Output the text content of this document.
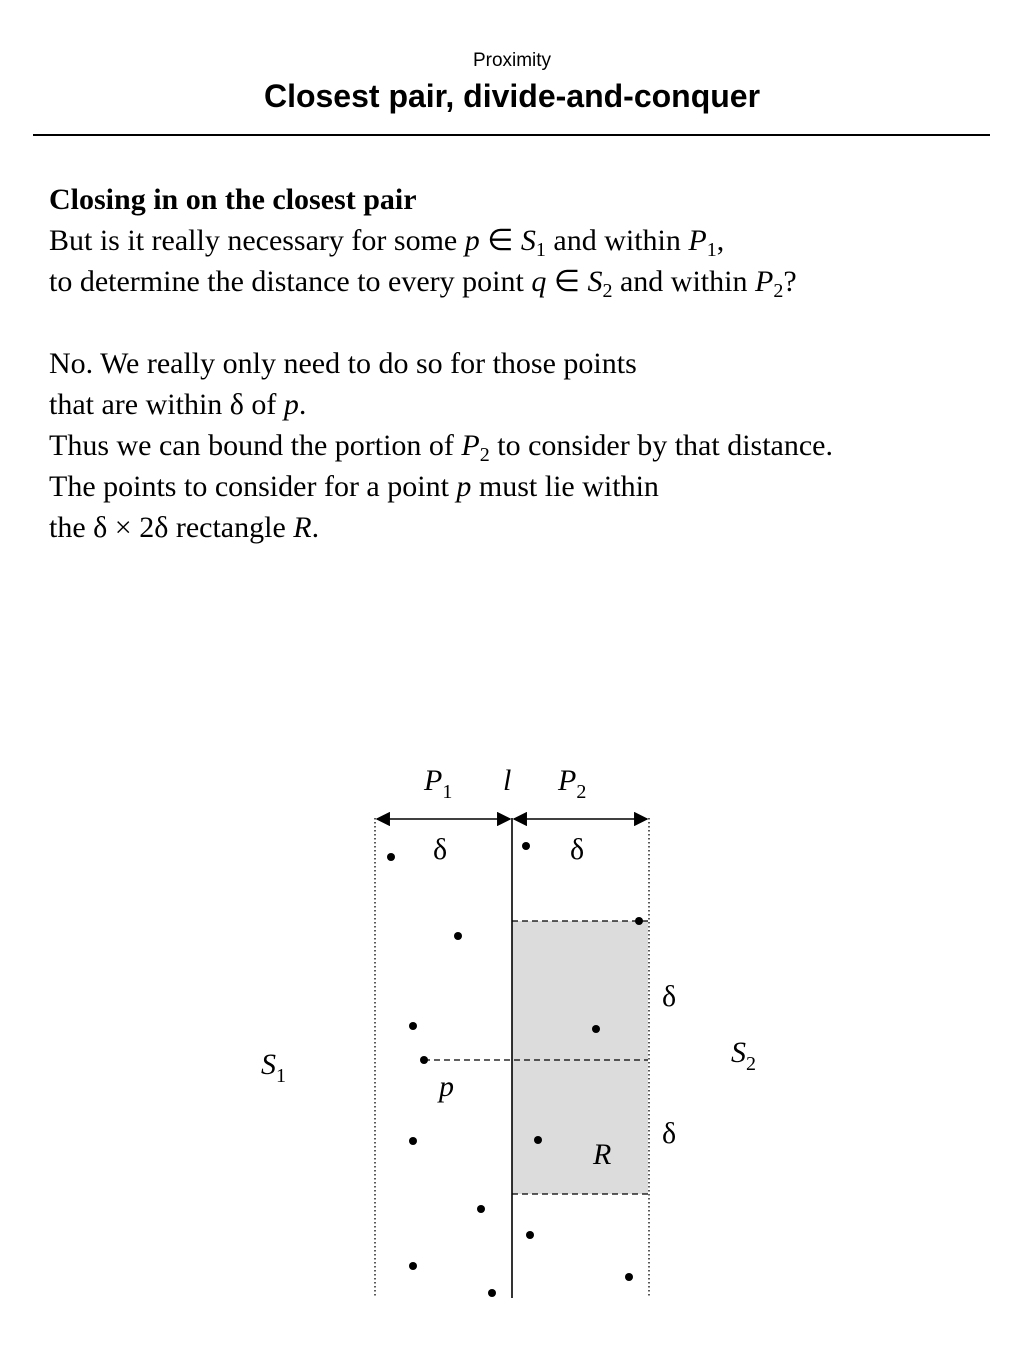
Proximity
Closest pair, divide-and-conquer
Closing in on the closest pair
But is it really necessary for some p ∈ $S_1$ and within $P_1$,
to determine the distance to every point q ∈ $S_2$ and within $P_2$?
No. We really only need to do so for those points
that are within δ of p.
Thus we can bound the portion of $P_2$ to consider by that distance.
The points to consider for a point p must lie within
the δ × 2δ rectangle R.
$P_1$ l $P_2$
δ	δ
δ
δ
$S_1$
$S_2$
p
R
